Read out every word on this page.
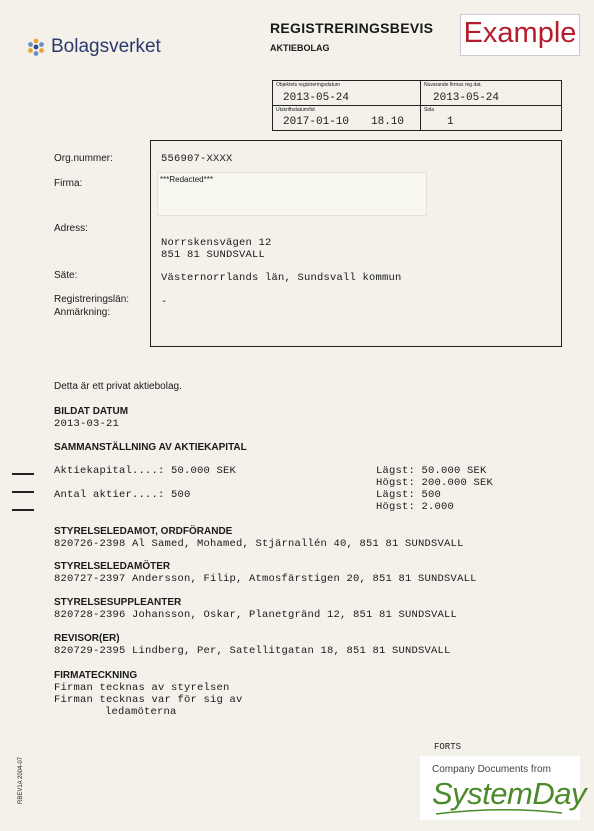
Bolagsverket
REGISTRERINGSBEVIS
AKTIEBOLAG	Example
Objektets registreringsdatum
2013-05-24
Nuvarande firmas reg.dat.
2013-05-24
Utskriftsdatum/tid
2017-01-10 18.10
Sida
1
***Redacted***
Org.nummer:	556907-XXXX
Firma:
Adress:
Norrskensvägen 12
851 81 SUNDSVALL
Säte:	Västernorrlands län, Sundsvall kommun
Registreringslän:	-
Anmärkning:
Detta är ett privat aktiebolag.
BILDAT DATUM
2013-03-21
SAMMANSTÄLLNING AV AKTIEKAPITAL
Aktiekapital....: 50.000 SEK	Lägst: 50.000 SEK
Högst: 200.000 SEK
Antal aktier....: 500	Lägst: 500
Högst: 2.000
STYRELSELEDAMOT, ORDFÖRANDE
820726-2398 Al Samed, Mohamed, Stjärnallén 40, 851 81 SUNDSVALL
STYRELSELEDAMÖTER
820727-2397 Andersson, Filip, Atmosfärstigen 20, 851 81 SUNDSVALL
STYRELSESUPPLEANTER
820728-2396 Johansson, Oskar, Planetgränd 12, 851 81 SUNDSVALL
REVISOR(ER)
820729-2395 Lindberg, Per, Satellitgatan 18, 851 81 SUNDSVALL
FIRMATECKNING
Firman tecknas av styrelsen
Firman tecknas var för sig av
ledamöterna
FORTS
RBEV1A 2004-07	Company Documents from
SystemDay
